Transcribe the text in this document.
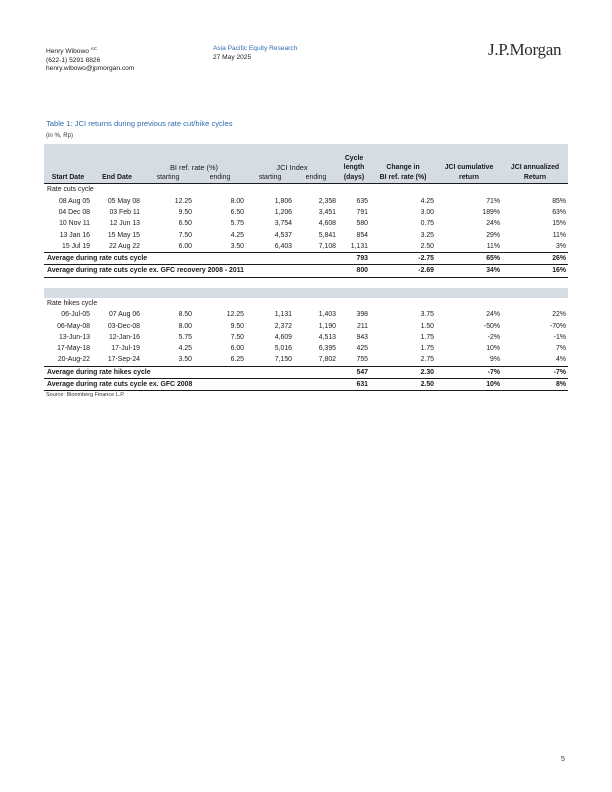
Henry Wibowo $^{AC}$
(622-1) 5291 8826
henry.wibowo@jpmorgan.com
Asia Pacific Equity Research
27 May 2025	J.P.Morgan
Table 1: JCI returns during previous rate cut/hike cycles
(in %, Rp)
		BI ref. rate (%)		JCI Index		Cycle length	Change in	JCI cumulative	JCI annualized
Start Date	End Date	starting	ending	starting	ending	(days)	BI ref. rate (%)	return	Return
Rate cuts cycle									
08 Aug 05	05 May 08	12.25	8.00	1,806	2,358	635	4.25	71%	85%
04 Dec 08	03 Feb 11	9.50	6.50	1,206	3,451	791	3.00	189%	63%
10 Nov 11	12 Jun 13	6.50	5.75	3,754	4,608	580	0.75	24%	15%
13 Jan 16	15 May 15	7.50	4.25	4,537	5,841	854	3.25	29%	11%
15 Jul 19	22 Aug 22	6.00	3.50	6,403	7,108	1,131	2.50	11%	3%
Average during rate cuts cycle						793	-2.75	65%	26%
Average during rate cuts cycle ex. GFC recovery 2008 - 2011						800	-2.69	34%	16%

Rate hikes cycle									
06-Jul-05	07 Aug 06	8.50	12.25	1,131	1,403	398	3.75	24%	22%
06-May-08	03-Dec-08	8.00	9.50	2,372	1,190	211	1.50	-50%	-70%
13-Jun-13	12-Jan-16	5.75	7.50	4,609	4,513	943	1.75	-2%	-1%
17-May-18	17-Jul-19	4.25	6.00	5,016	6,395	425	1.75	10%	7%
20-Aug-22	17-Sep-24	3.50	6.25	7,150	7,802	755	2.75	9%	4%
Average during rate hikes cycle						547	2.30	-7%	-7%
Average during rate cuts cycle ex. GFC 2008						631	2.50	10%	8%
Source: Bloomberg Finance L.P.
5
